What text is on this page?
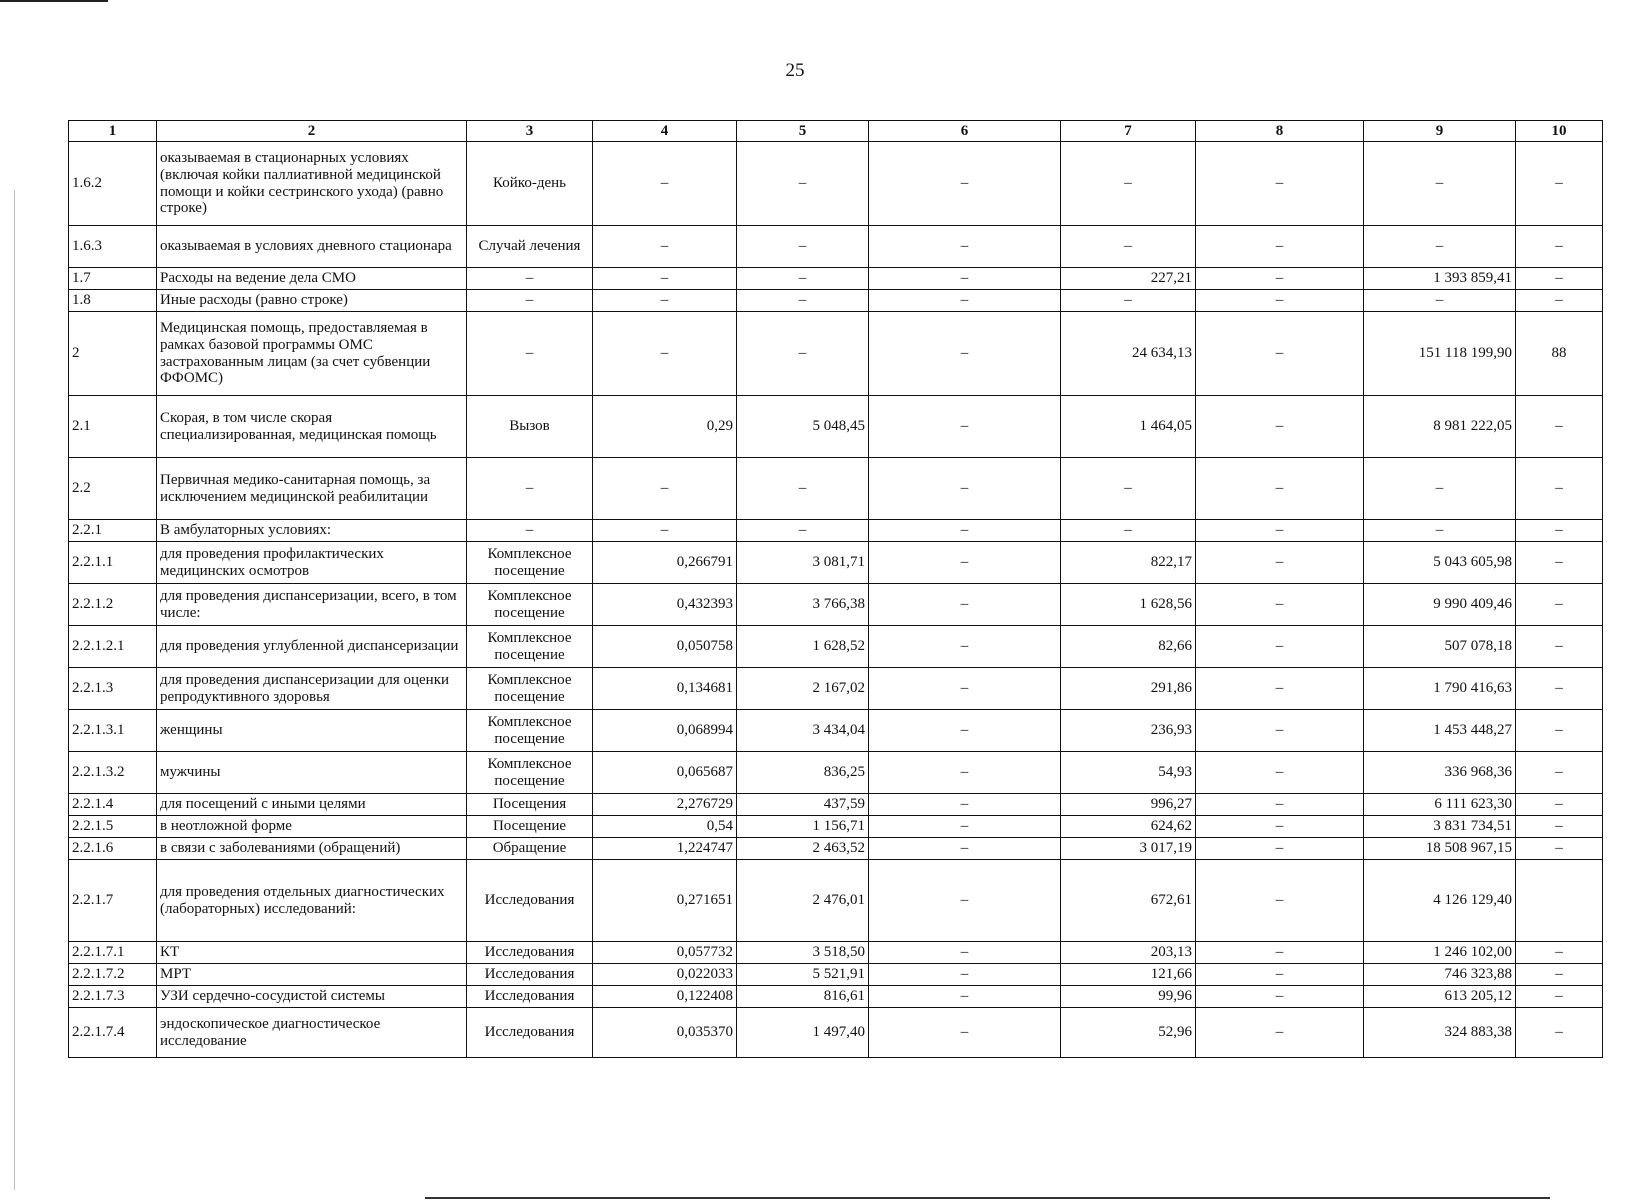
25
1	2	3	4	5	6	7	8	9	10
1.6.2	оказываемая в стационарных условиях (включая койки паллиативной медицинской помощи и койки сестринского ухода) (равно строке)	Койко-день	–	–	–	–	–	–	–
1.6.3	оказываемая в условиях дневного стационара	Случай лечения	–	–	–	–	–	–	–
1.7	Расходы на ведение дела СМО	–	–	–	–	227,21	–	1 393 859,41	–
1.8	Иные расходы (равно строке)	–	–	–	–	–	–	–	–
2	Медицинская помощь, предоставляемая в рамках базовой программы ОМС застрахованным лицам (за счет субвенции ФФОМС)	–	–	–	–	24 634,13	–	151 118 199,90	88
2.1	Скорая, в том числе скорая специализированная, медицинская помощь	Вызов	0,29	5 048,45	–	1 464,05	–	8 981 222,05	–
2.2	Первичная медико-санитарная помощь, за исключением медицинской реабилитации	–	–	–	–	–	–	–	–
2.2.1	В амбулаторных условиях:	–	–	–	–	–	–	–	–
2.2.1.1	для проведения профилактических медицинских осмотров	Комплексное посещение	0,266791	3 081,71	–	822,17	–	5 043 605,98	–
2.2.1.2	для проведения диспансеризации, всего, в том числе:	Комплексное посещение	0,432393	3 766,38	–	1 628,56	–	9 990 409,46	–
2.2.1.2.1	для проведения углубленной диспансеризации	Комплексное посещение	0,050758	1 628,52	–	82,66	–	507 078,18	–
2.2.1.3	для проведения диспансеризации для оценки репродуктивного здоровья	Комплексное посещение	0,134681	2 167,02	–	291,86	–	1 790 416,63	–
2.2.1.3.1	женщины	Комплексное посещение	0,068994	3 434,04	–	236,93	–	1 453 448,27	–
2.2.1.3.2	мужчины	Комплексное посещение	0,065687	836,25	–	54,93	–	336 968,36	–
2.2.1.4	для посещений с иными целями	Посещения	2,276729	437,59	–	996,27	–	6 111 623,30	–
2.2.1.5	в неотложной форме	Посещение	0,54	1 156,71	–	624,62	–	3 831 734,51	–
2.2.1.6	в связи с заболеваниями (обращений)	Обращение	1,224747	2 463,52	–	3 017,19	–	18 508 967,15	–
2.2.1.7	для проведения отдельных диагностических (лабораторных) исследований:	Исследования	0,271651	2 476,01	–	672,61	–	4 126 129,40	
2.2.1.7.1	КТ	Исследования	0,057732	3 518,50	–	203,13	–	1 246 102,00	–
2.2.1.7.2	МРТ	Исследования	0,022033	5 521,91	–	121,66	–	746 323,88	–
2.2.1.7.3	УЗИ сердечно-сосудистой системы	Исследования	0,122408	816,61	–	99,96	–	613 205,12	–
2.2.1.7.4	эндоскопическое диагностическое исследование	Исследования	0,035370	1 497,40	–	52,96	–	324 883,38	–
